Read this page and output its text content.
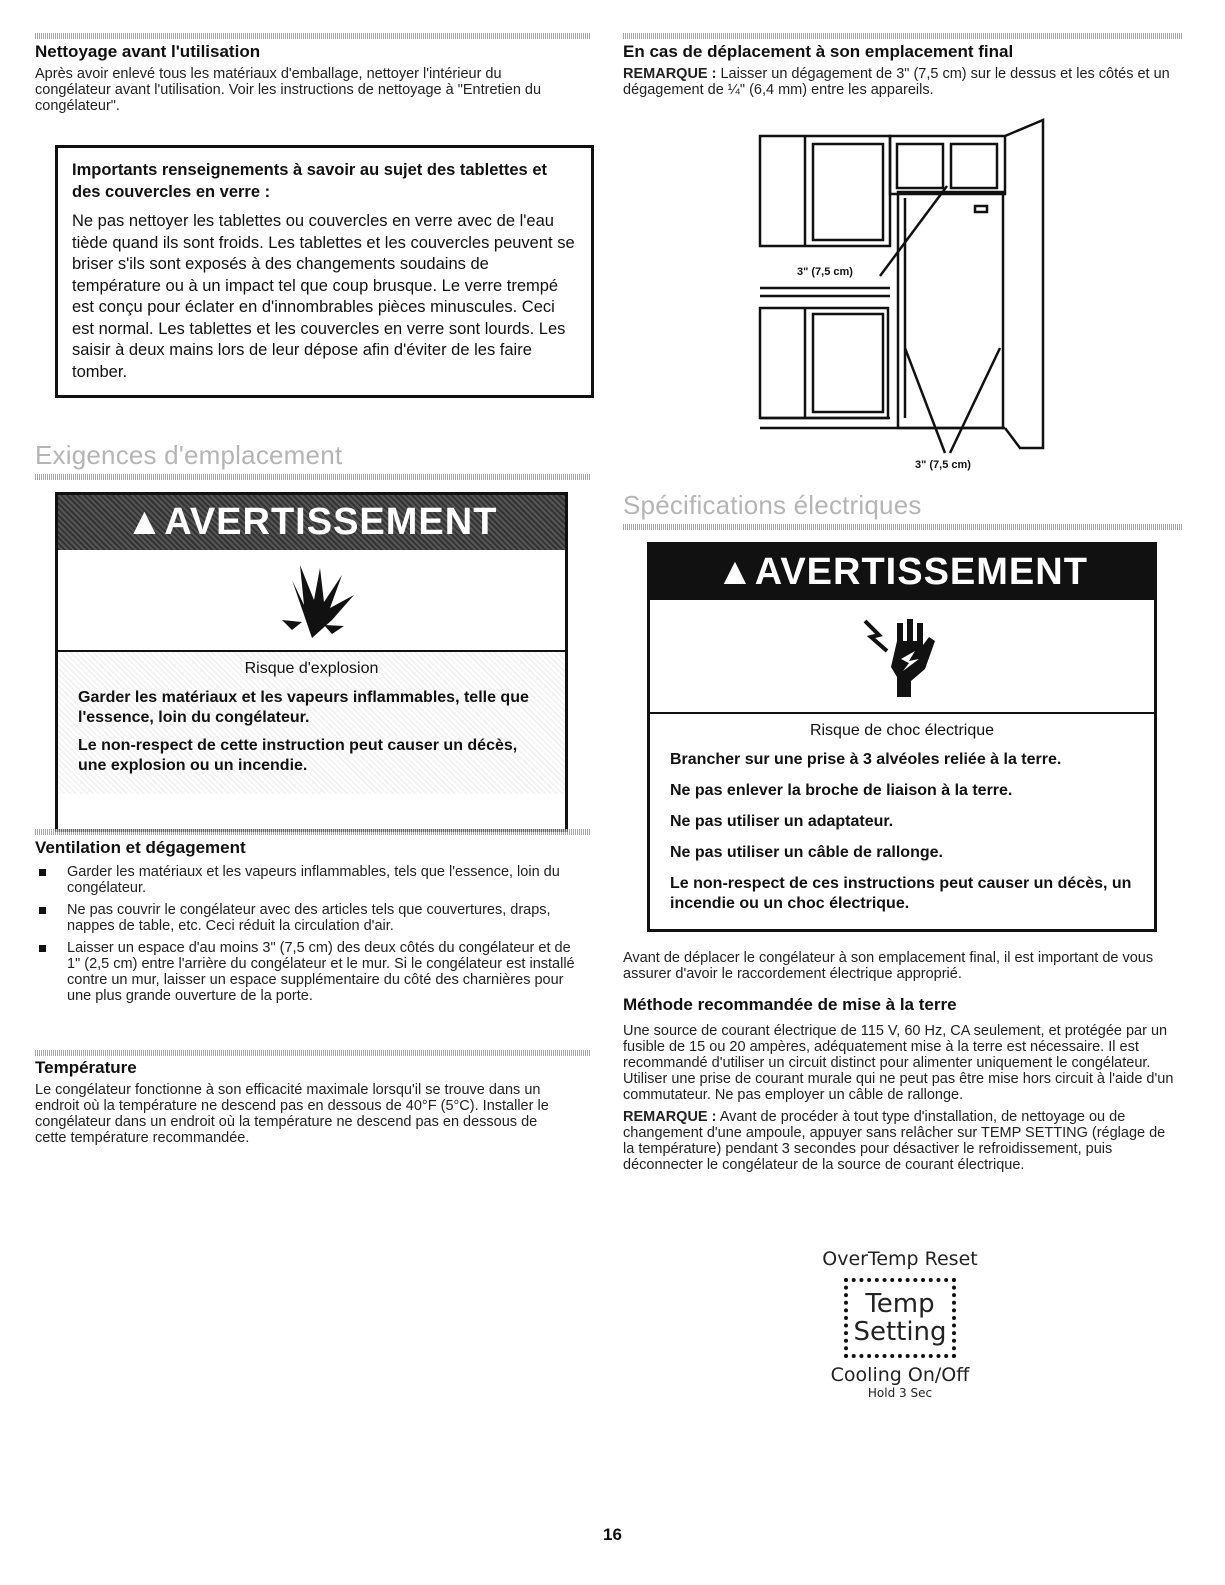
Nettoyage avant l'utilisation
Après avoir enlevé tous les matériaux d'emballage, nettoyer l'intérieur du congélateur avant l'utilisation. Voir les instructions de nettoyage à "Entretien du congélateur".
Importants renseignements à savoir au sujet des tablettes et des couvercles en verre :
Ne pas nettoyer les tablettes ou couvercles en verre avec de l'eau tiède quand ils sont froids. Les tablettes et les couvercles peuvent se briser s'ils sont exposés à des changements soudains de température ou à un impact tel que coup brusque. Le verre trempé est conçu pour éclater en d'innombrables pièces minuscules. Ceci est normal. Les tablettes et les couvercles en verre sont lourds. Les saisir à deux mains lors de leur dépose afin d'éviter de les faire tomber.
Exigences d'emplacement
▲AVERTISSEMENT
Risque d'explosion

Garder les matériaux et les vapeurs inflammables, telle que l'essence, loin du congélateur.

Le non-respect de cette instruction peut causer un décès, une explosion ou un incendie.

Ventilation et dégagement
Garder les matériaux et les vapeurs inflammables, tels que l'essence, loin du congélateur.
Ne pas couvrir le congélateur avec des articles tels que couvertures, draps, nappes de table, etc. Ceci réduit la circulation d'air.
Laisser un espace d'au moins 3" (7,5 cm) des deux côtés du congélateur et de 1" (2,5 cm) entre l'arrière du congélateur et le mur. Si le congélateur est installé contre un mur, laisser un espace supplémentaire du côté des charnières pour une plus grande ouverture de la porte.
Température
Le congélateur fonctionne à son efficacité maximale lorsqu'il se trouve dans un endroit où la température ne descend pas en dessous de 40°F (5°C). Installer le congélateur dans un endroit où la température ne descend pas en dessous de cette température recommandée.
En cas de déplacement à son emplacement final
REMARQUE : Laisser un dégagement de 3" (7,5 cm) sur le dessus et les côtés et un dégagement de ¼" (6,4 mm) entre les appareils.
3" (7,5 cm)
3" (7,5 cm)
Spécifications électriques
▲AVERTISSEMENT
Risque de choc électrique

Brancher sur une prise à 3 alvéoles reliée à la terre.

Ne pas enlever la broche de liaison à la terre.

Ne pas utiliser un adaptateur.

Ne pas utiliser un câble de rallonge.

Le non-respect de ces instructions peut causer un décès, un incendie ou un choc électrique.

Avant de déplacer le congélateur à son emplacement final, il est important de vous assurer d'avoir le raccordement électrique approprié.
Méthode recommandée de mise à la terre
Une source de courant électrique de 115 V, 60 Hz, CA seulement, et protégée par un fusible de 15 ou 20 ampères, adéquatement mise à la terre est nécessaire. Il est recommandé d'utiliser un circuit distinct pour alimenter uniquement le congélateur. Utiliser une prise de courant murale qui ne peut pas être mise hors circuit à l'aide d'un commutateur. Ne pas employer un câble de rallonge.
REMARQUE : Avant de procéder à tout type d'installation, de nettoyage ou de changement d'une ampoule, appuyer sans relâcher sur TEMP SETTING (réglage de la température) pendant 3 secondes pour désactiver le refroidissement, puis déconnecter le congélateur de la source de courant électrique.
OverTemp Reset
Temp
Setting
Cooling On/Off
Hold 3 Sec
16
